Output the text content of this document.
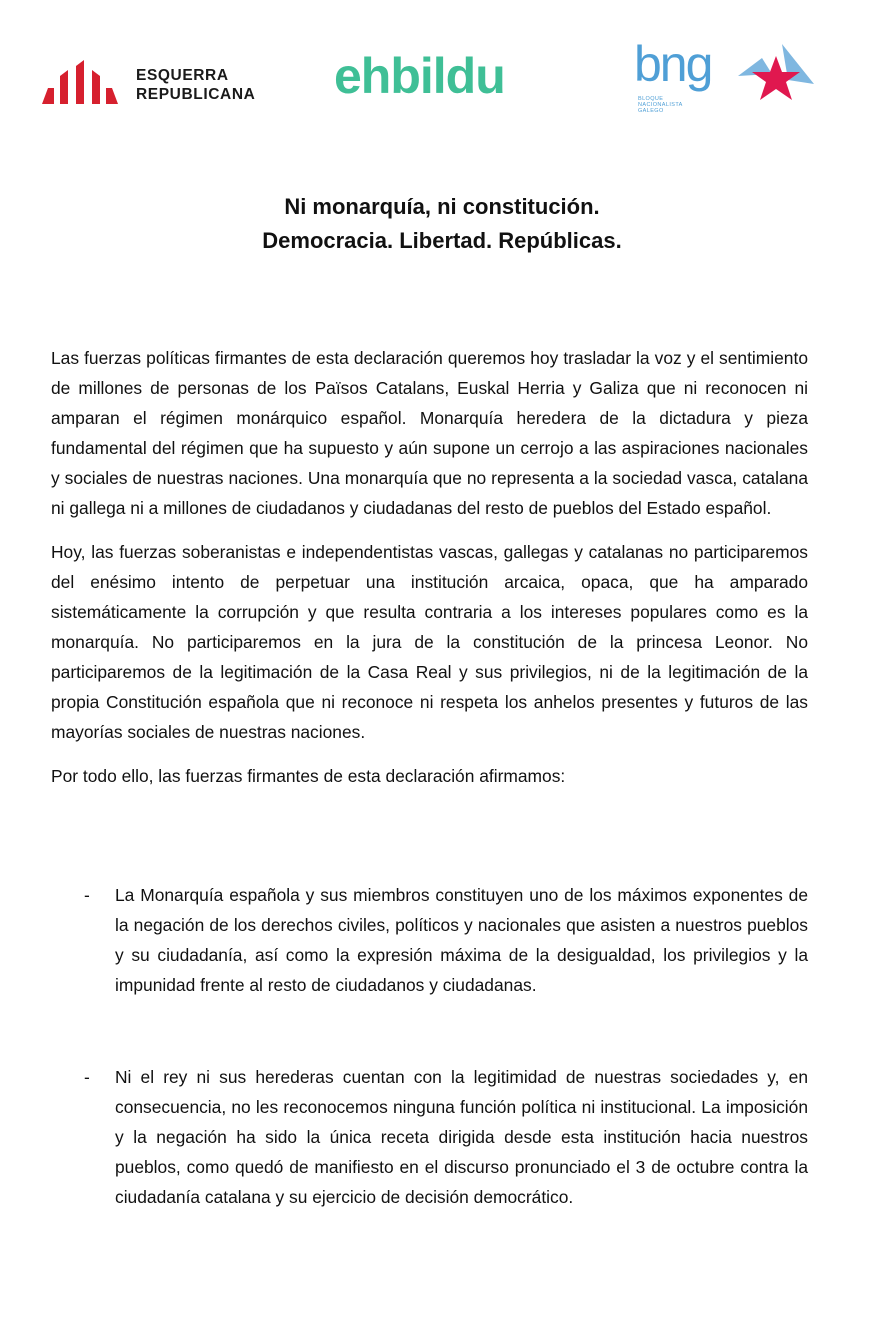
ESQUERRA
REPUBLICANA ehbildu	bng
BLOQUE
NACIONALISTA
GALEGO
Ni monarquía, ni constitución.
Democracia. Libertad. Repúblicas.

Las fuerzas políticas firmantes de esta declaración queremos hoy trasladar la voz y el sentimiento de millones de personas de los Països Catalans, Euskal Herria y Galiza que ni reconocen ni amparan el régimen monárquico español. Monarquía heredera de la dictadura y pieza fundamental del régimen que ha supuesto y aún supone un cerrojo a las aspiraciones nacionales y sociales de nuestras naciones. Una monarquía que no representa a la sociedad vasca, catalana ni gallega ni a millones de ciudadanos y ciudadanas del resto de pueblos del Estado español.

Hoy, las fuerzas soberanistas e independentistas vascas, gallegas y catalanas no participaremos del enésimo intento de perpetuar una institución arcaica, opaca, que ha amparado sistemáticamente la corrupción y que resulta contraria a los intereses populares como es la monarquía. No participaremos en la jura de la constitución de la princesa Leonor. No participaremos de la legitimación de la Casa Real y sus privilegios, ni de la legitimación de la propia Constitución española que ni reconoce ni respeta los anhelos presentes y futuros de las mayorías sociales de nuestras naciones.

Por todo ello, las fuerzas firmantes de esta declaración afirmamos:

- La Monarquía española y sus miembros constituyen uno de los máximos exponentes de la negación de los derechos civiles, políticos y nacionales que asisten a nuestros pueblos y su ciudadanía, así como la expresión máxima de la desigualdad, los privilegios y la impunidad frente al resto de ciudadanos y ciudadanas.
- Ni el rey ni sus herederas cuentan con la legitimidad de nuestras sociedades y, en consecuencia, no les reconocemos ninguna función política ni institucional. La imposición y la negación ha sido la única receta dirigida desde esta institución hacia nuestros pueblos, como quedó de manifiesto en el discurso pronunciado el 3 de octubre contra la ciudadanía catalana y su ejercicio de decisión democrático.
